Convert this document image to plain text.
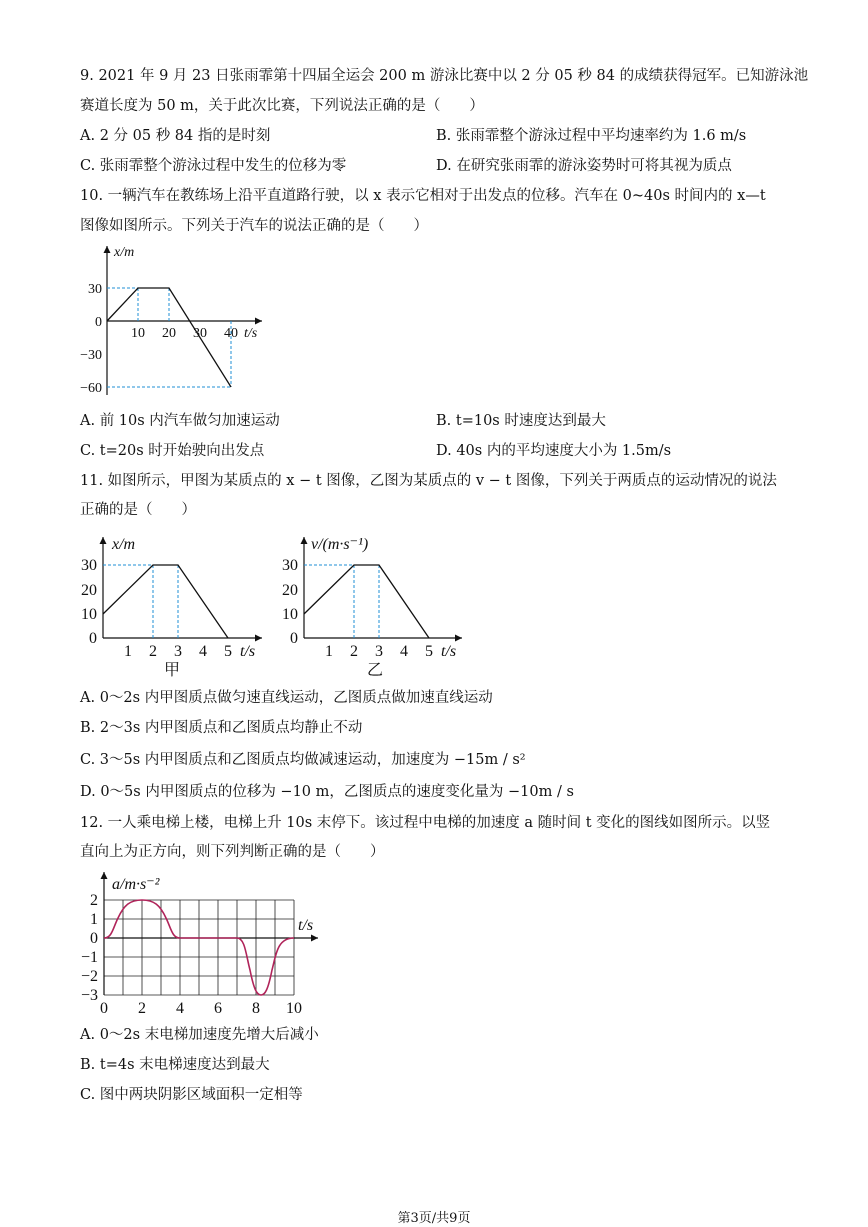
9. 2021 年 9 月 23 日张雨霏第十四届全运会 200 m 游泳比赛中以 2 分 05 秒 84 的成绩获得冠军。已知游泳池
赛道长度为 50 m，关于此次比赛，下列说法正确的是（　　）
A. 2 分 05 秒 84 指的是时刻	B. 张雨霏整个游泳过程中平均速率约为 1.6 m/s
C. 张雨霏整个游泳过程中发生的位移为零	D. 在研究张雨霏的游泳姿势时可将其视为质点
10. 一辆汽车在教练场上沿平直道路行驶，以 x 表示它相对于出发点的位移。汽车在 0~40s 时间内的 x—t
图像如图所示。下列关于汽车的说法正确的是（　　）
x/m
30
0
−30
−60
10 20 30 40 t/s
A. 前 10s 内汽车做匀加速运动	B. t=10s 时速度达到最大
C. t=20s 时开始驶向出发点	D. 40s 内的平均速度大小为 1.5m/s
11. 如图所示，甲图为某质点的 x − t 图像，乙图为某质点的 v − t 图像，下列关于两质点的运动情况的说法
正确的是（　　）
x/m
30
20
10
0
1 2 3 4 5 t/s
甲
v/(m·s⁻¹)
30
20
10
0
1 2 3 4 5 t/s
乙
A. 0～2s 内甲图质点做匀速直线运动，乙图质点做加速直线运动
B. 2～3s 内甲图质点和乙图质点均静止不动
C. 3～5s 内甲图质点和乙图质点均做减速运动，加速度为 −15m / s²
D. 0～5s 内甲图质点的位移为 −10 m，乙图质点的速度变化量为 −10m / s
12. 一人乘电梯上楼，电梯上升 10s 末停下。该过程中电梯的加速度 a 随时间 t 变化的图线如图所示。以竖
直向上为正方向，则下列判断正确的是（　　）
a/m·s⁻²
2
1
0
−1
−2
−3
0 2 4 6 8 10
t/s
A. 0～2s 末电梯加速度先增大后减小
B. t=4s 末电梯速度达到最大
C. 图中两块阴影区域面积一定相等
第3页/共9页
